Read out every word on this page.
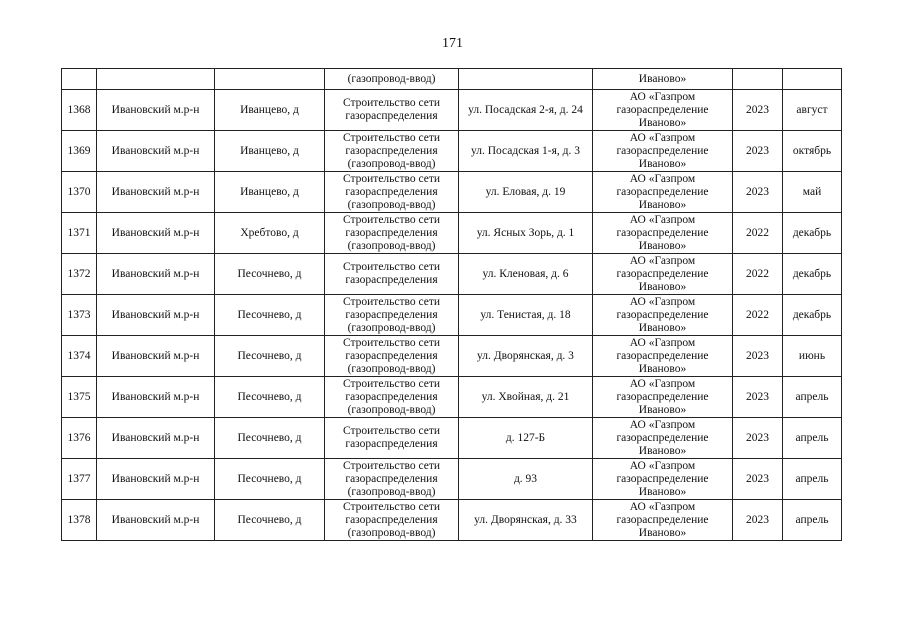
171
			(газопровод-ввод)		Иваново»		
1368	Ивановский м.р-н	Иванцево, д	Строительство сети газораспределения	ул. Посадская 2-я, д. 24	АО «Газпром газораспределение Иваново»	2023	август
1369	Ивановский м.р-н	Иванцево, д	Строительство сети газораспределения (газопровод-ввод)	ул. Посадская 1-я, д. 3	АО «Газпром газораспределение Иваново»	2023	октябрь
1370	Ивановский м.р-н	Иванцево, д	Строительство сети газораспределения (газопровод-ввод)	ул. Еловая, д. 19	АО «Газпром газораспределение Иваново»	2023	май
1371	Ивановский м.р-н	Хребтово, д	Строительство сети газораспределения (газопровод-ввод)	ул. Ясных Зорь, д. 1	АО «Газпром газораспределение Иваново»	2022	декабрь
1372	Ивановский м.р-н	Песочнево, д	Строительство сети газораспределения	ул. Кленовая, д. 6	АО «Газпром газораспределение Иваново»	2022	декабрь
1373	Ивановский м.р-н	Песочнево, д	Строительство сети газораспределения (газопровод-ввод)	ул. Тенистая, д. 18	АО «Газпром газораспределение Иваново»	2022	декабрь
1374	Ивановский м.р-н	Песочнево, д	Строительство сети газораспределения (газопровод-ввод)	ул. Дворянская, д. 3	АО «Газпром газораспределение Иваново»	2023	июнь
1375	Ивановский м.р-н	Песочнево, д	Строительство сети газораспределения (газопровод-ввод)	ул. Хвойная, д. 21	АО «Газпром газораспределение Иваново»	2023	апрель
1376	Ивановский м.р-н	Песочнево, д	Строительство сети газораспределения	д. 127-Б	АО «Газпром газораспределение Иваново»	2023	апрель
1377	Ивановский м.р-н	Песочнево, д	Строительство сети газораспределения (газопровод-ввод)	д. 93	АО «Газпром газораспределение Иваново»	2023	апрель
1378	Ивановский м.р-н	Песочнево, д	Строительство сети газораспределения (газопровод-ввод)	ул. Дворянская, д. 33	АО «Газпром газораспределение Иваново»	2023	апрель
